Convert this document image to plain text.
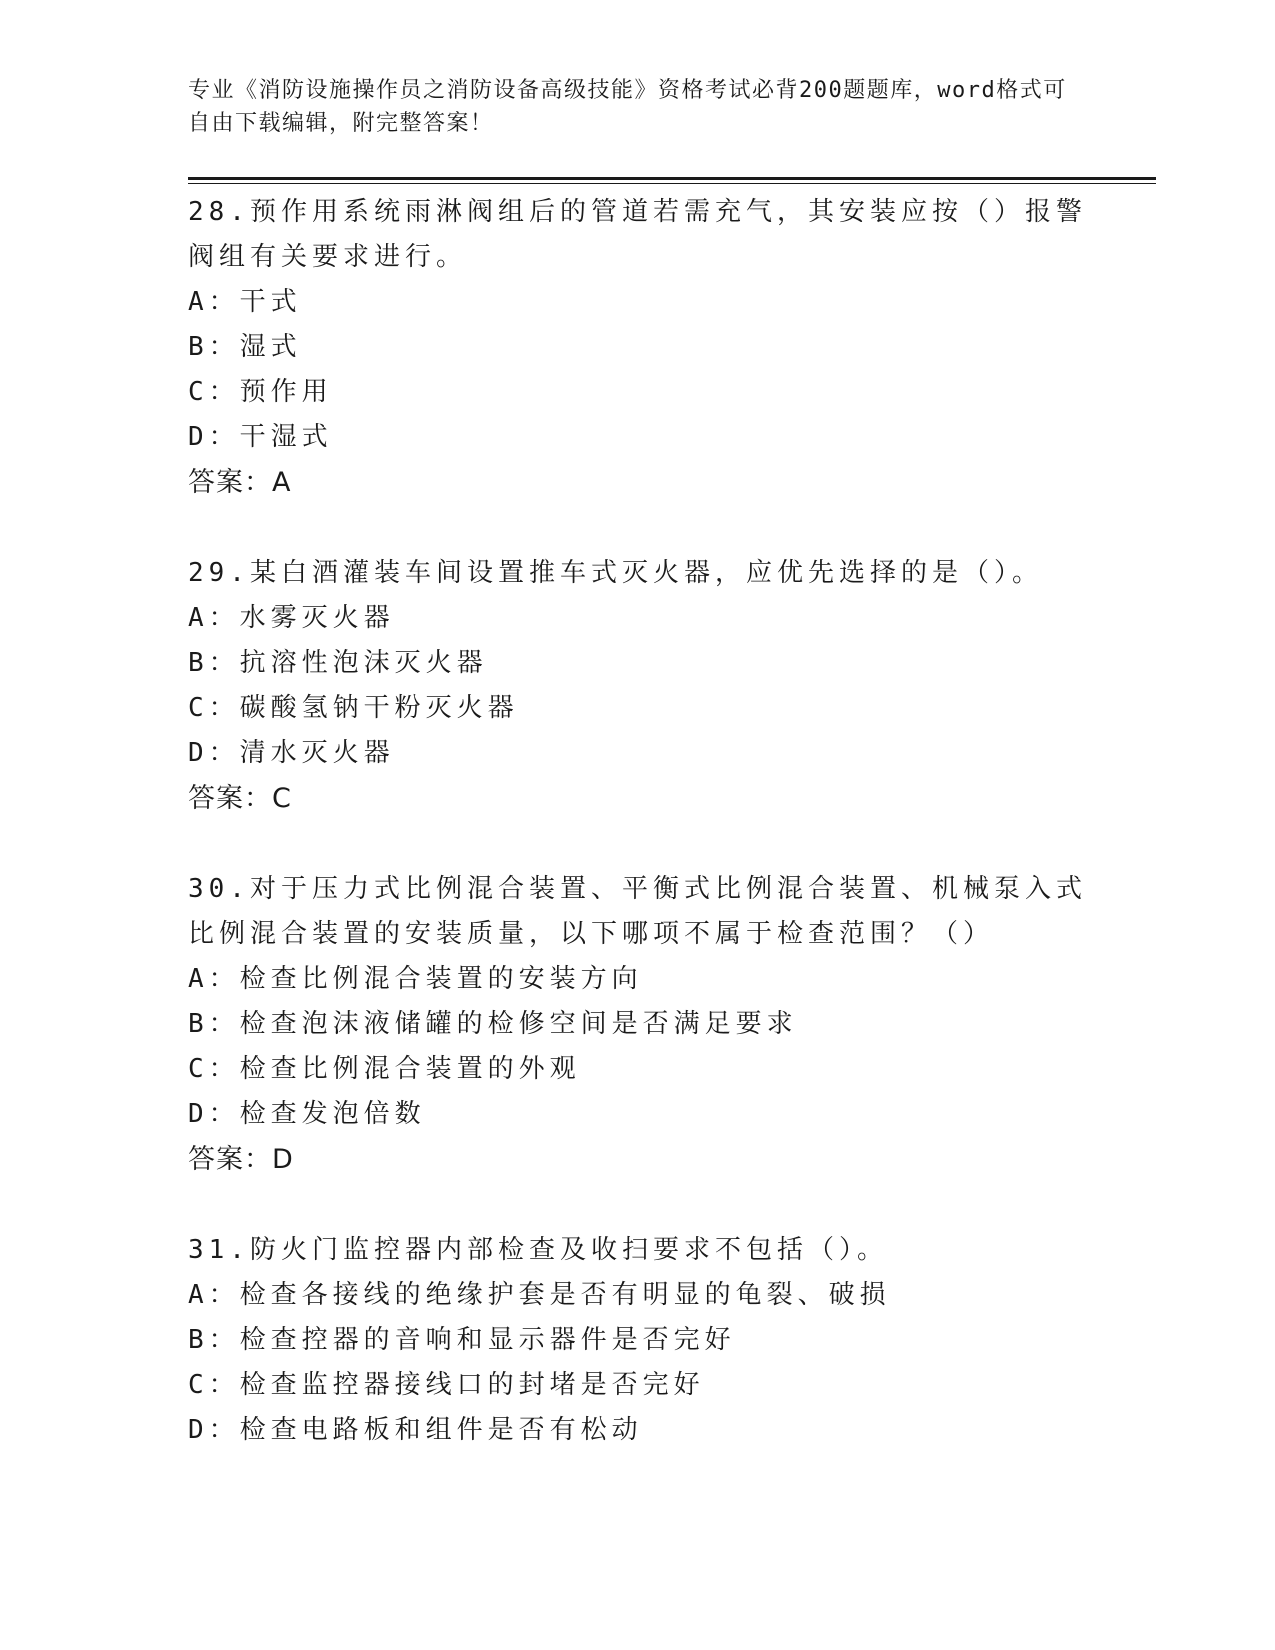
专业《消防设施操作员之消防设备高级技能》资格考试必背200题题库，word格式可自由下载编辑，附完整答案！
28.预作用系统雨淋阀组后的管道若需充气，其安装应按（）报警阀组有关要求进行。
A：干式
B：湿式
C：预作用
D：干湿式
答案：A
29.某白酒灌装车间设置推车式灭火器，应优先选择的是（）。
A：水雾灭火器
B：抗溶性泡沫灭火器
C：碳酸氢钠干粉灭火器
D：清水灭火器
答案：C
30.对于压力式比例混合装置、平衡式比例混合装置、机械泵入式比例混合装置的安装质量，以下哪项不属于检查范围？（）
A：检查比例混合装置的安装方向
B：检查泡沫液储罐的检修空间是否满足要求
C：检查比例混合装置的外观
D：检查发泡倍数
答案：D
31.防火门监控器内部检查及收扫要求不包括（）。
A：检查各接线的绝缘护套是否有明显的龟裂、破损
B：检查控器的音响和显示器件是否完好
C：检查监控器接线口的封堵是否完好
D：检查电路板和组件是否有松动
